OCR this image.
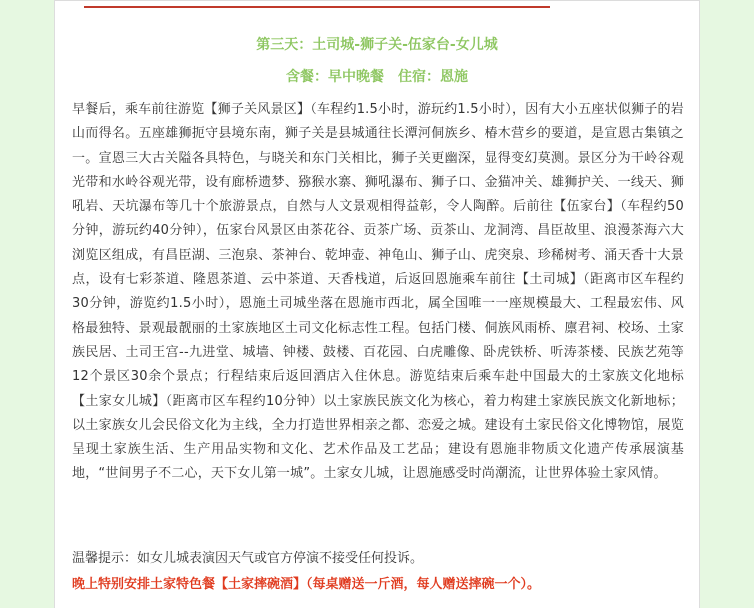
第三天：土司城-狮子关-伍家台-女儿城
含餐：早中晚餐　住宿：恩施
早餐后，乘车前往游览【狮子关风景区】（车程约1.5小时，游玩约1.5小时），因有大小五座状似狮子的岩山而得名。五座雄狮扼守县境东南，狮子关是县城通往长潭河侗族乡、椿木营乡的要道，是宣恩古集镇之一。宣恩三大古关隘各具特色，与晓关和东门关相比，狮子关更幽深，显得变幻莫测。景区分为干岭谷观光带和水岭谷观光带，设有廊桥遗梦、猕猴水寨、狮吼瀑布、狮子口、金猫冲关、雄狮护关、一线天、狮吼岩、天坑瀑布等几十个旅游景点，自然与人文景观相得益彰，令人陶醉。后前往【伍家台】（车程约50分钟，游玩约40分钟），伍家台风景区由茶花谷、贡茶广场、贡茶山、龙洞湾、昌臣故里、浪漫茶海六大浏览区组成，有昌臣湖、三泡泉、茶神台、乾坤壶、神龟山、狮子山、虎突泉、珍稀树考、涌天香十大景点，设有七彩茶道、隆恩茶道、云中茶道、天香栈道，后返回恩施乘车前往【土司城】（距离市区车程约30分钟，游览约1.5小时），恩施土司城坐落在恩施市西北，属全国唯一一座规模最大、工程最宏伟、风格最独特、景观最靓丽的土家族地区土司文化标志性工程。包括门楼、侗族风雨桥、廪君祠、校场、土家族民居、土司王宫--九进堂、城墙、钟楼、鼓楼、百花园、白虎雕像、卧虎铁桥、听涛茶楼、民族艺苑等12个景区30余个景点；行程结束后返回酒店入住休息。游览结束后乘车赴中国最大的土家族文化地标【土家女儿城】（距离市区车程约10分钟）以土家族民族文化为核心，着力构建土家族民族文化新地标；以土家族女儿会民俗文化为主线，全力打造世界相亲之都、恋爱之城。建设有土家民俗文化博物馆，展览呈现土家族生活、生产用品实物和文化、艺术作品及工艺品；建设有恩施非物质文化遗产传承展演基地，“世间男子不二心，天下女儿第一城”。土家女儿城，让恩施感受时尚潮流，让世界体验土家风情。
温馨提示：如女儿城表演因天气或官方停演不接受任何投诉。
晚上特别安排土家特色餐【土家摔碗酒】（每桌赠送一斤酒，每人赠送摔碗一个）。
